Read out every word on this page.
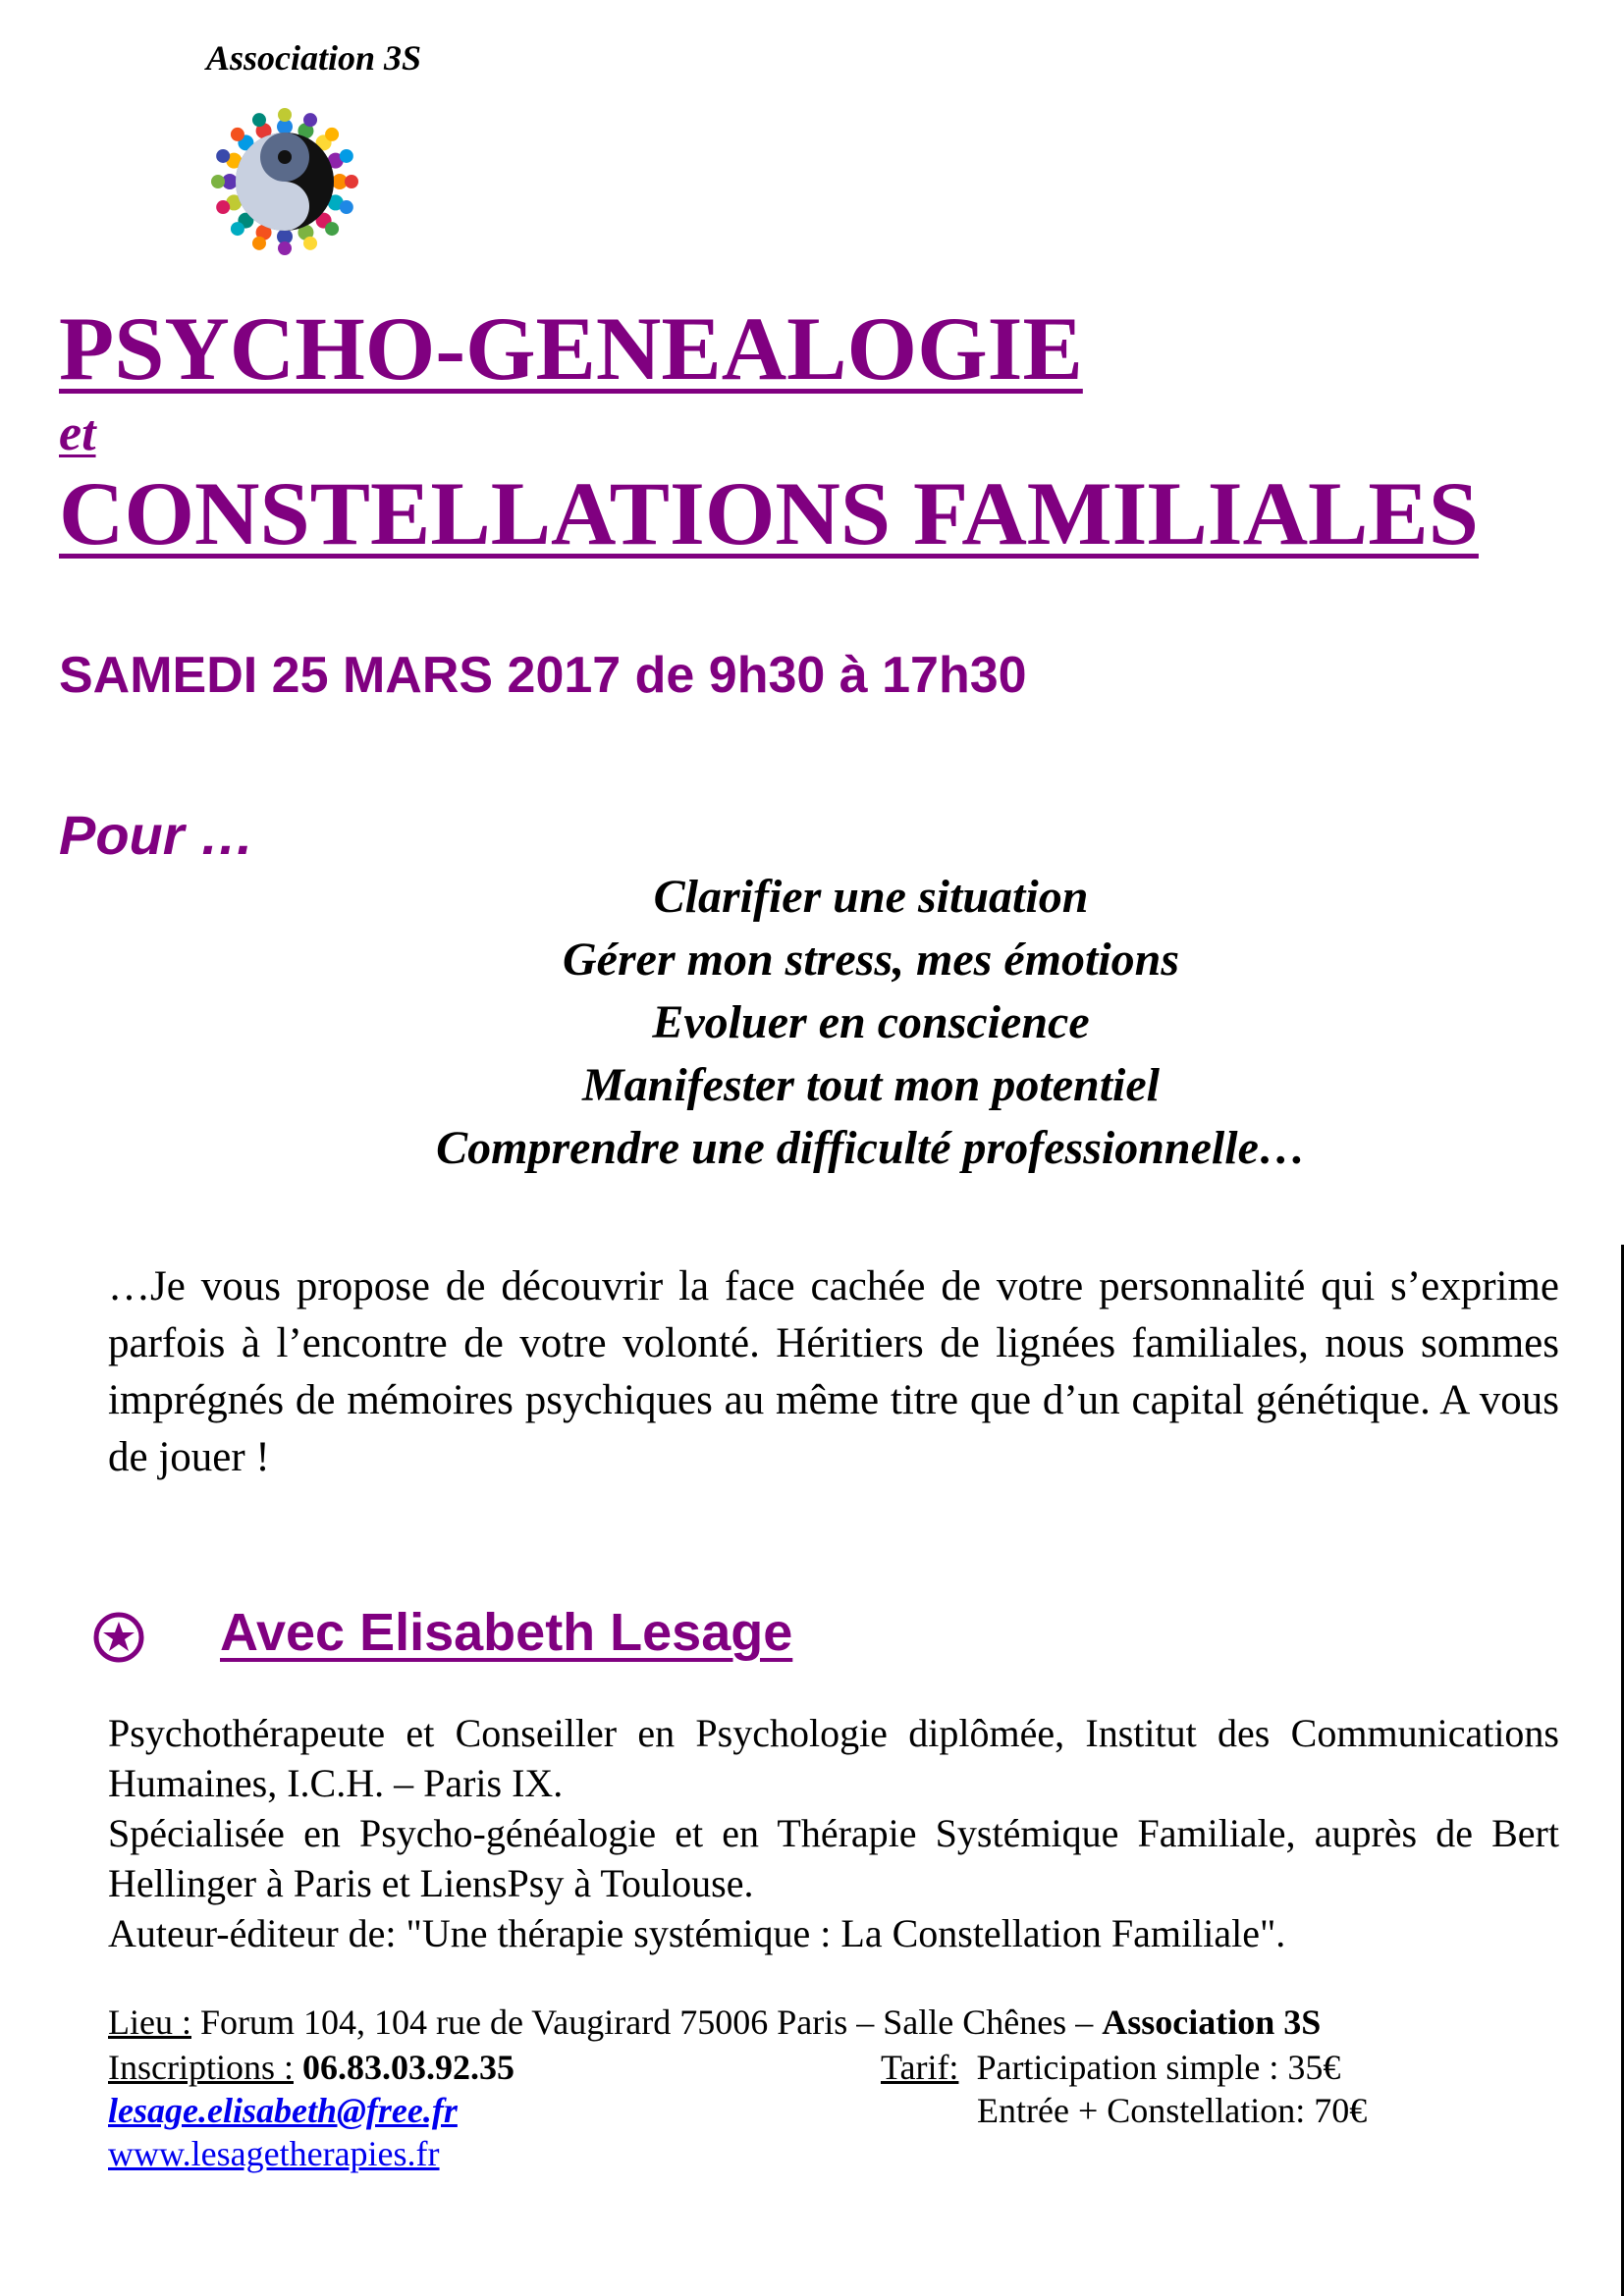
Association 3S
PSYCHO-GENEALOGIE
et
CONSTELLATIONS FAMILIALES
SAMEDI 25 MARS 2017 de 9h30 à 17h30
Pour …
Clarifier une situation
Gérer mon stress, mes émotions
Evoluer en conscience
Manifester tout mon potentiel
Comprendre une difficulté professionnelle…

…Je vous propose de découvrir la face cachée de votre personnalité qui s’exprime parfois à l’encontre de votre volonté. Héritiers de lignées familiales, nous sommes imprégnés de mémoires psychiques au même titre que d’un capital génétique. A vous de jouer !

Avec Elisabeth Lesage

Psychothérapeute et Conseiller en Psychologie diplômée, Institut des Communications Humaines, I.C.H. – Paris IX.

Spécialisée en Psycho-généalogie et en Thérapie Systémique Familiale, auprès de Bert Hellinger à Paris et LiensPsy à Toulouse.

Auteur-éditeur de: "Une thérapie systémique : La Constellation Familiale".

Lieu : Forum 104, 104 rue de Vaugirard 75006 Paris – Salle Chênes – Association 3S
Inscriptions : 06.83.03.92.35	Tarif:  Participation simple : 35€
Entrée + Constellation: 70€
lesage.elisabeth@free.fr
www.lesagetherapies.fr
